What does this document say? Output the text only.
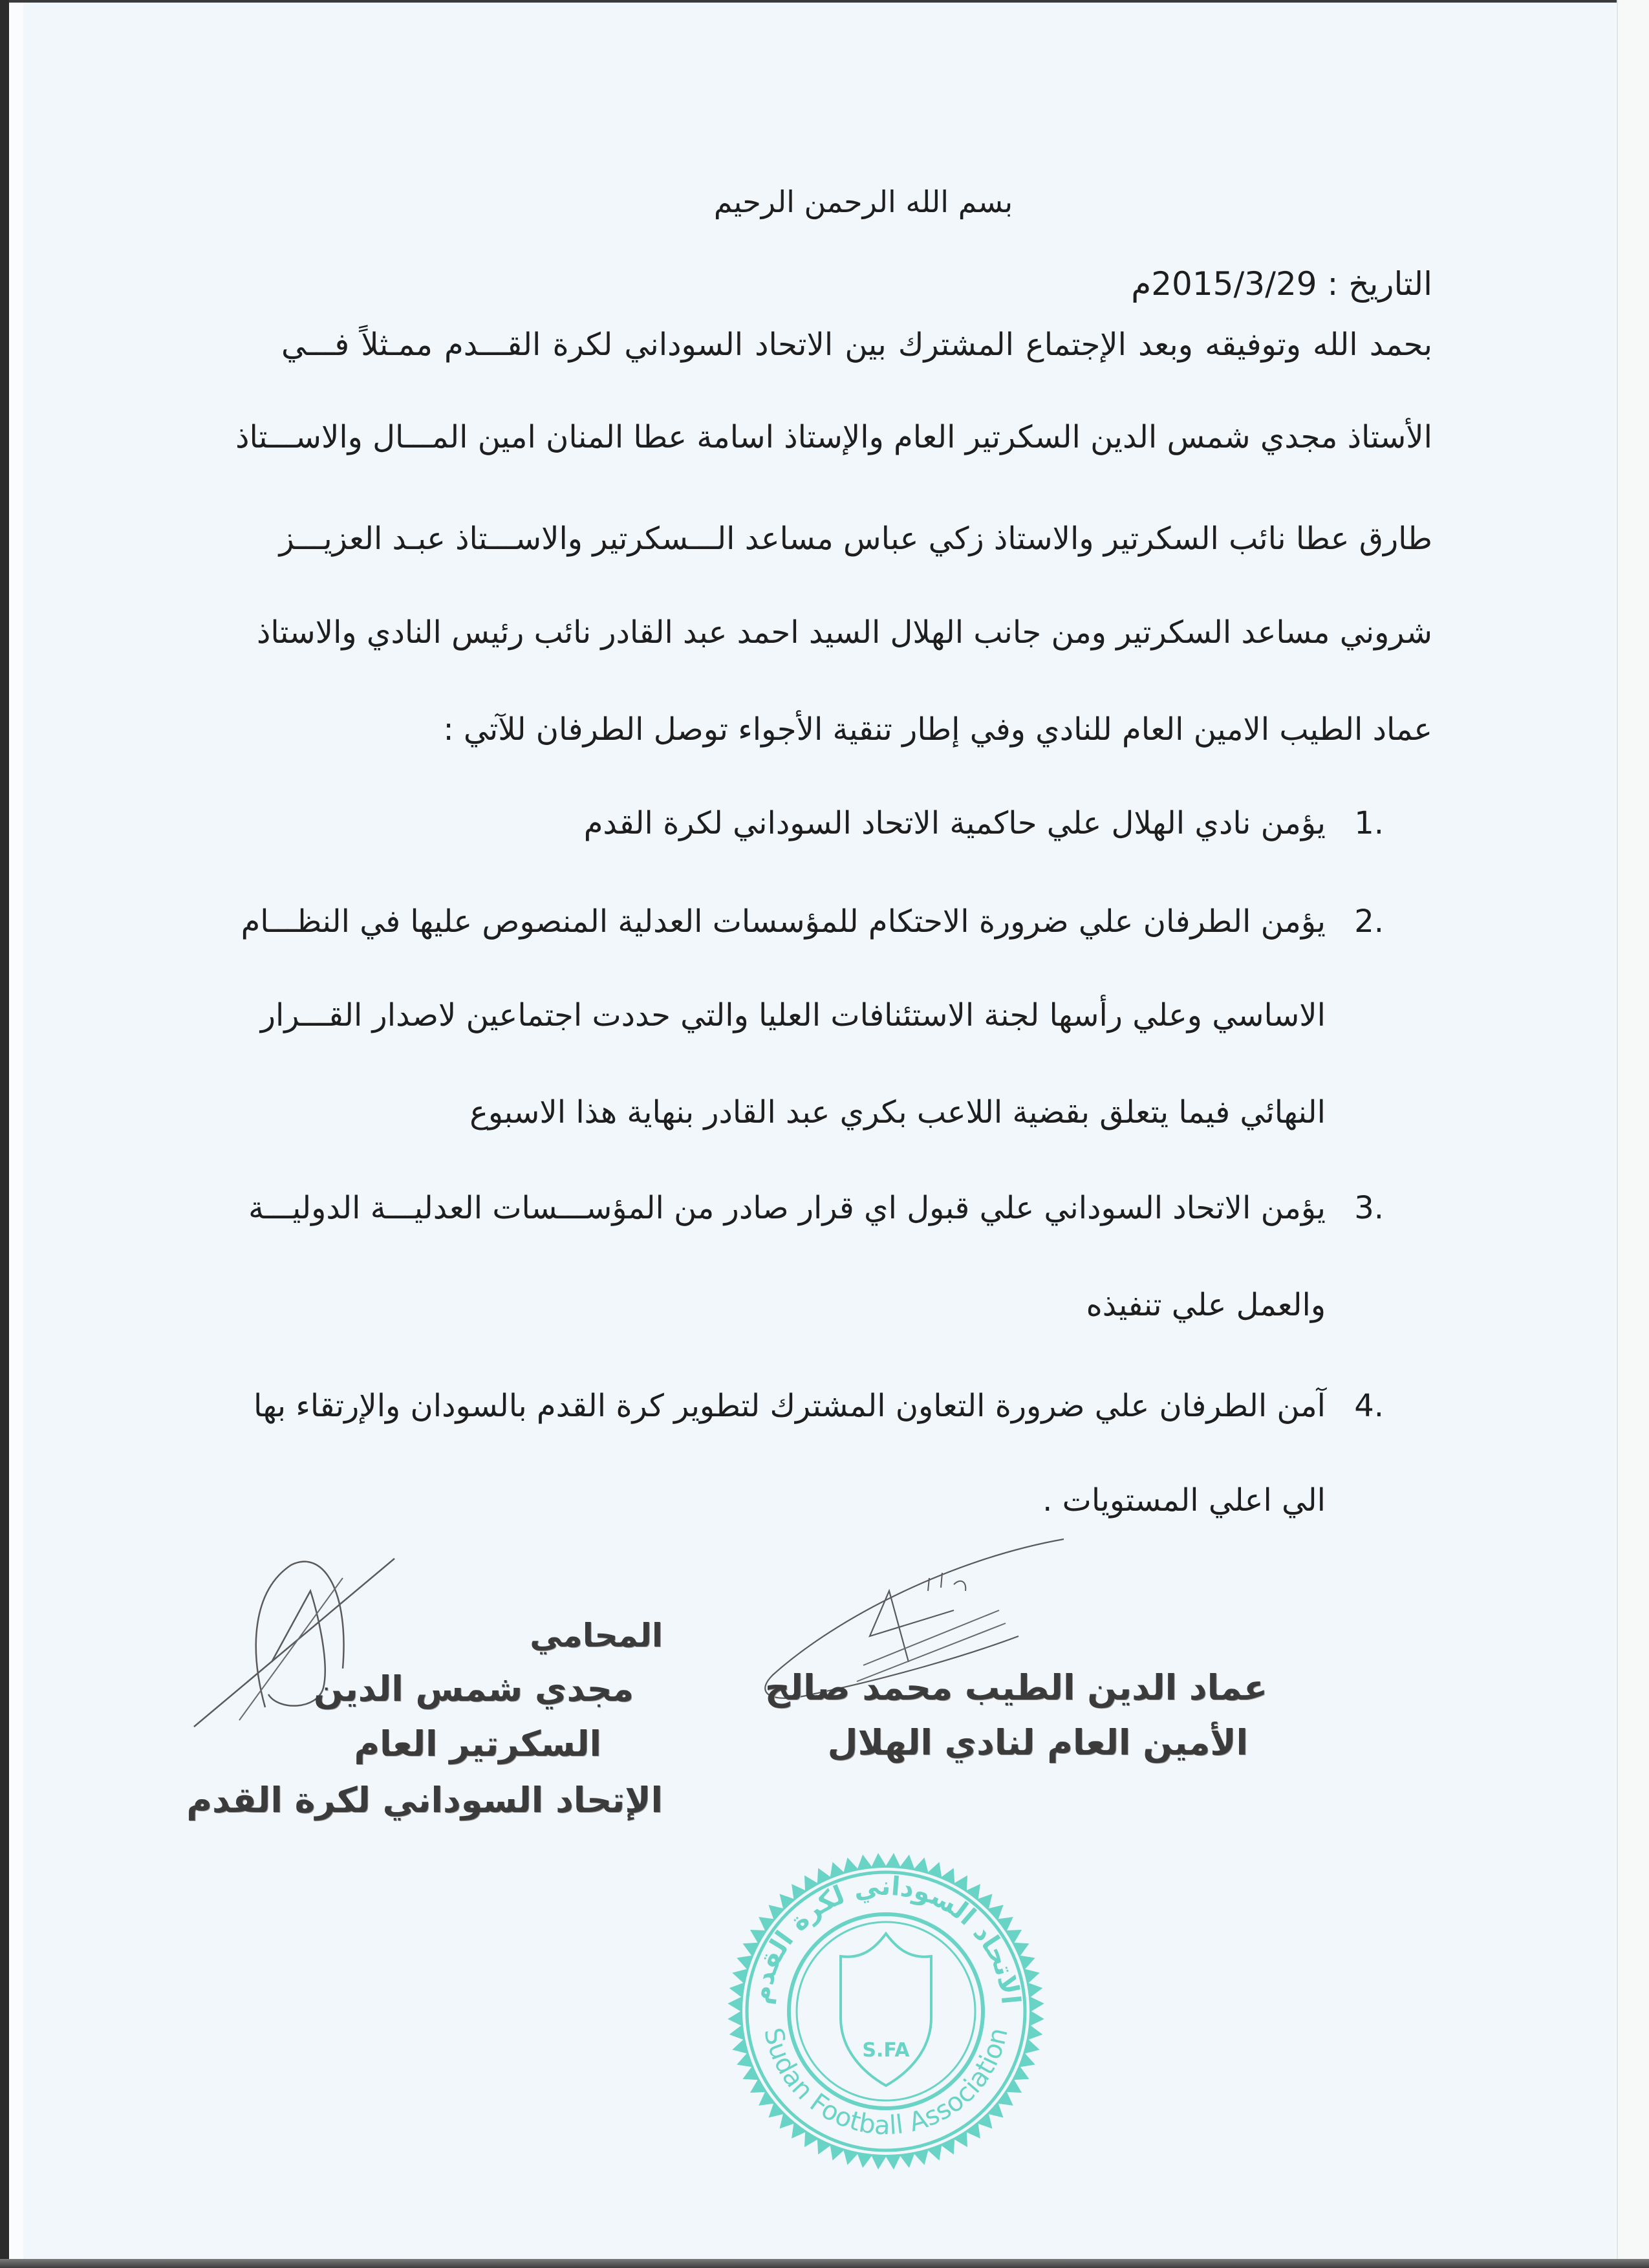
بسم الله الرحمن الرحيم
التاريخ : 2015/3/29م
بحمد الله وتوفيقه وبعد الإجتماع المشترك بين الاتحاد السوداني لكرة القـــدم ممـثلاً فـــي
الأستاذ مجدي شمس الدين السكرتير العام والإستاذ اسامة عطا المنان امين المـــال والاســـتاذ
طارق عطا نائب السكرتير والاستاذ زكي عباس مساعد الـــسكرتير والاســـتاذ عبـد العزيـــز
شروني مساعد السكرتير ومن جانب الهلال السيد احمد عبد القادر نائب رئيس النادي والاستاذ
عماد الطيب الامين العام للنادي وفي إطار تنقية الأجواء توصل الطرفان للآتي :
1.
يؤمن نادي الهلال علي حاكمية الاتحاد السوداني لكرة القدم
2.
يؤمن الطرفان علي ضرورة الاحتكام للمؤسسات العدلية المنصوص عليها في النظـــام
الاساسي وعلي رأسها لجنة الاستئنافات العليا والتي حددت اجتماعين لاصدار القـــرار
النهائي فيما يتعلق بقضية اللاعب بكري عبد القادر بنهاية هذا الاسبوع
3.
يؤمن الاتحاد السوداني علي قبول اي قرار صادر من المؤســـسات العدليـــة الدوليـــة
والعمل علي تنفيذه
4.
آمن الطرفان علي ضرورة التعاون المشترك لتطوير كرة القدم بالسودان والإرتقاء بها
الي اعلي المستويات .
المحامي
مجدي شمس الدين
السكرتير العام
الإتحاد السوداني لكرة القدم
عماد الدين الطيب محمد صالح
الأمين العام لنادي الهلال
الاتحاد السوداني لكرة القدم
Sudan Football Association
S.FA
